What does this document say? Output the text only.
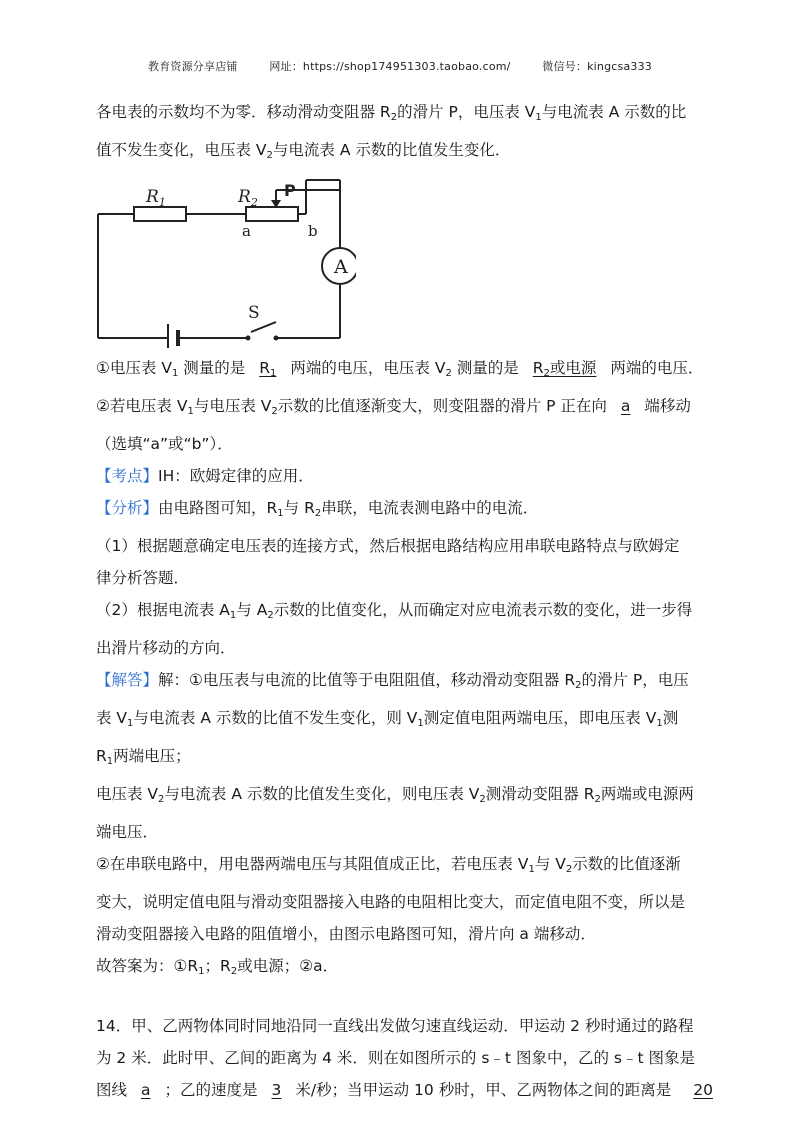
教育资源分享店铺	网址：https://shop174951303.taobao.com/	微信号：kingcsa333

各电表的示数均不为零．移动滑动变阻器 $R_2$的滑片 P，电压表 $V_1$与电流表 A 示数的比

值不发生变化，电压表 $V_2$与电流表 A 示数的比值发生变化．

$R_1$	$R_2$
a	b
A
S
P

①电压表 $V_1$ 测量的是 $R_1$ 两端的电压，电压表 $V_2$ 测量的是 $R_2$或电源 两端的电压．

②若电压表 $V_1$与电压表 $V_2$示数的比值逐渐变大，则变阻器的滑片 P 正在向 a 端移动

（选填“a”或“b”）．

【考点】IH：欧姆定律的应用．

【分析】由电路图可知，$R_1$与 $R_2$串联，电流表测电路中的电流．

（1）根据题意确定电压表的连接方式，然后根据电路结构应用串联电路特点与欧姆定

律分析答题．

（2）根据电流表 $A_1$与 $A_2$示数的比值变化，从而确定对应电流表示数的变化，进一步得

出滑片移动的方向．

【解答】解：①电压表与电流的比值等于电阻阻值，移动滑动变阻器 $R_2$的滑片 P，电压

表 $V_1$与电流表 A 示数的比值不发生变化，则 $V_1$测定值电阻两端电压，即电压表 $V_1$测

$R_1$两端电压；

电压表 $V_2$与电流表 A 示数的比值发生变化，则电压表 $V_2$测滑动变阻器 $R_2$两端或电源两

端电压．

②在串联电路中，用电器两端电压与其阻值成正比，若电压表 $V_1$与 $V_2$示数的比值逐渐

变大，说明定值电阻与滑动变阻器接入电路的电阻相比变大，而定值电阻不变，所以是

滑动变阻器接入电路的阻值增小，由图示电路图可知，滑片向 a 端移动．

故答案为：$①R_1$；$R_2$或电源；②a．

14．甲、乙两物体同时同地沿同一直线出发做匀速直线运动．甲运动 2 秒时通过的路程

为 2 米．此时甲、乙间的距离为 4 米．则在如图所示的 s﹣t 图象中，乙的 s﹣t 图象是

图线 a ；乙的速度是 3 米/秒；当甲运动 10 秒时，甲、乙两物体之间的距离是 20
